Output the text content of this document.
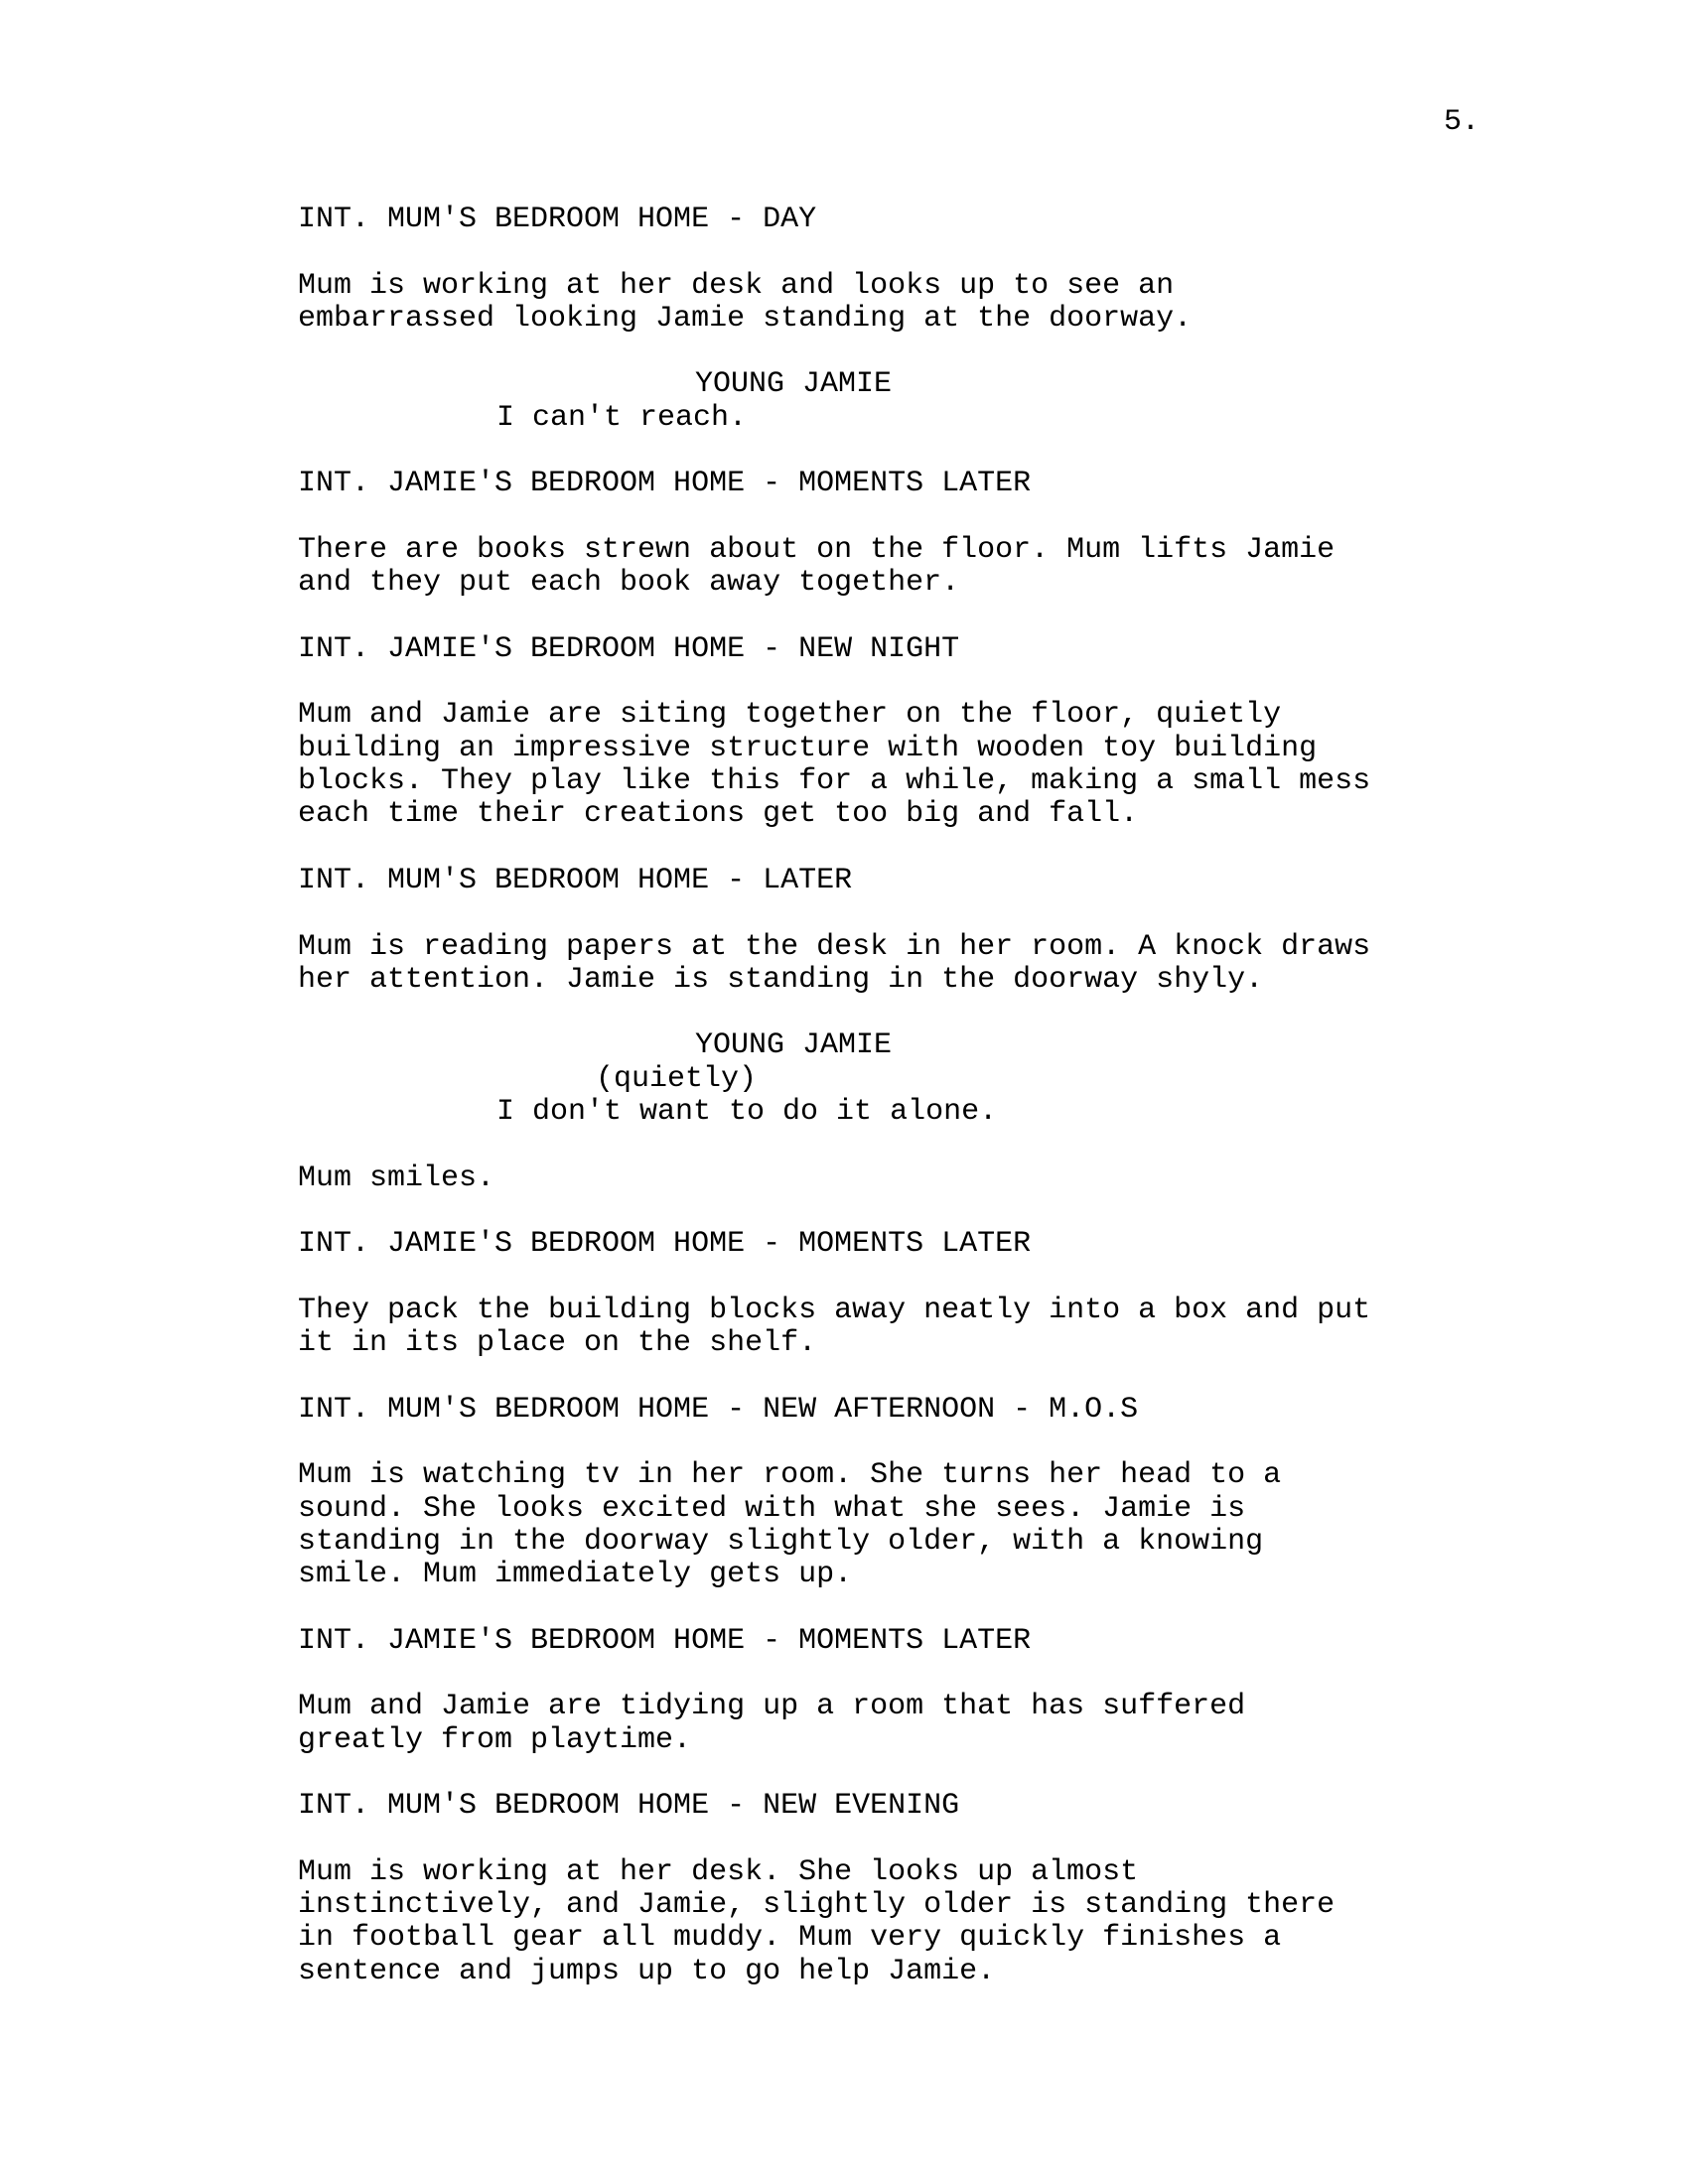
5.
INT. MUM'S BEDROOM HOME - DAY
Mum is working at her desk and looks up to see an
embarrassed looking Jamie standing at the doorway.
YOUNG JAMIE
I can't reach.
INT. JAMIE'S BEDROOM HOME - MOMENTS LATER
There are books strewn about on the floor. Mum lifts Jamie
and they put each book away together.
INT. JAMIE'S BEDROOM HOME - NEW NIGHT
Mum and Jamie are siting together on the floor, quietly
building an impressive structure with wooden toy building
blocks. They play like this for a while, making a small mess
each time their creations get too big and fall.
INT. MUM'S BEDROOM HOME - LATER
Mum is reading papers at the desk in her room. A knock draws
her attention. Jamie is standing in the doorway shyly.
YOUNG JAMIE
(quietly)
I don't want to do it alone.
Mum smiles.
INT. JAMIE'S BEDROOM HOME - MOMENTS LATER
They pack the building blocks away neatly into a box and put
it in its place on the shelf.
INT. MUM'S BEDROOM HOME - NEW AFTERNOON - M.O.S
Mum is watching tv in her room. She turns her head to a
sound. She looks excited with what she sees. Jamie is
standing in the doorway slightly older, with a knowing
smile. Mum immediately gets up.
INT. JAMIE'S BEDROOM HOME - MOMENTS LATER
Mum and Jamie are tidying up a room that has suffered
greatly from playtime.
INT. MUM'S BEDROOM HOME - NEW EVENING
Mum is working at her desk. She looks up almost
instinctively, and Jamie, slightly older is standing there
in football gear all muddy. Mum very quickly finishes a
sentence and jumps up to go help Jamie.
